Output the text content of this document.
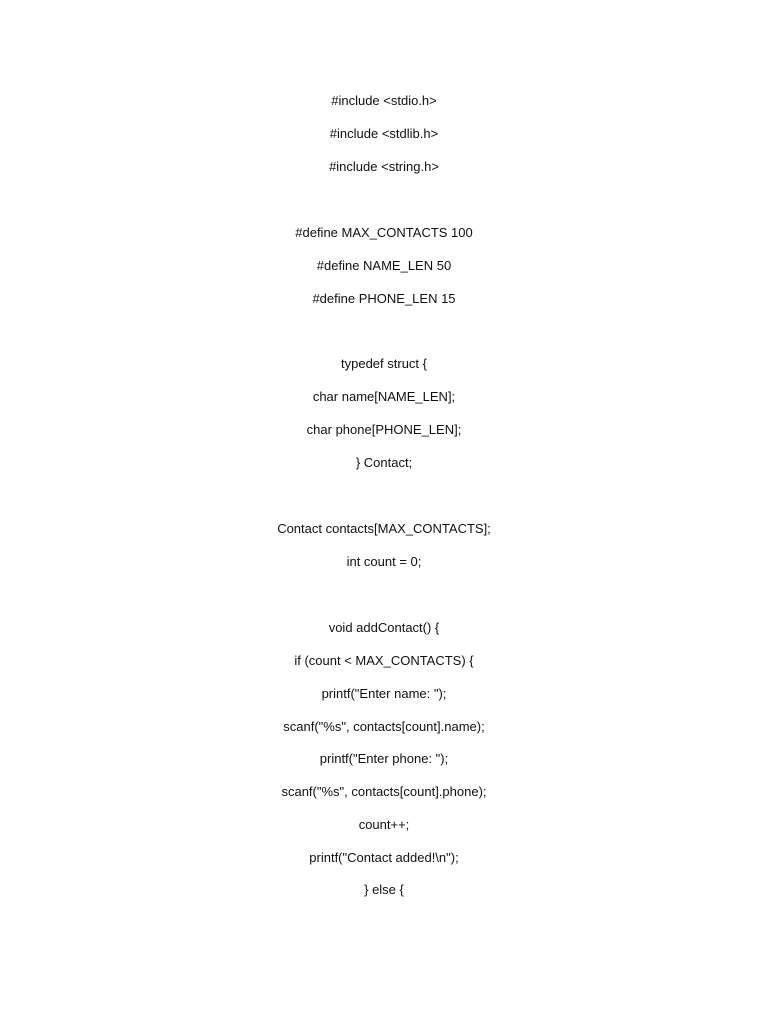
#include <stdio.h>
#include <stdlib.h>
#include <string.h>
#define MAX_CONTACTS 100
#define NAME_LEN 50
#define PHONE_LEN 15
typedef struct {
char name[NAME_LEN];
char phone[PHONE_LEN];
} Contact;
Contact contacts[MAX_CONTACTS];
int count = 0;
void addContact() {
if (count < MAX_CONTACTS) {
printf("Enter name: ");
scanf("%s", contacts[count].name);
printf("Enter phone: ");
scanf("%s", contacts[count].phone);
count++;
printf("Contact added!\n");
} else {
